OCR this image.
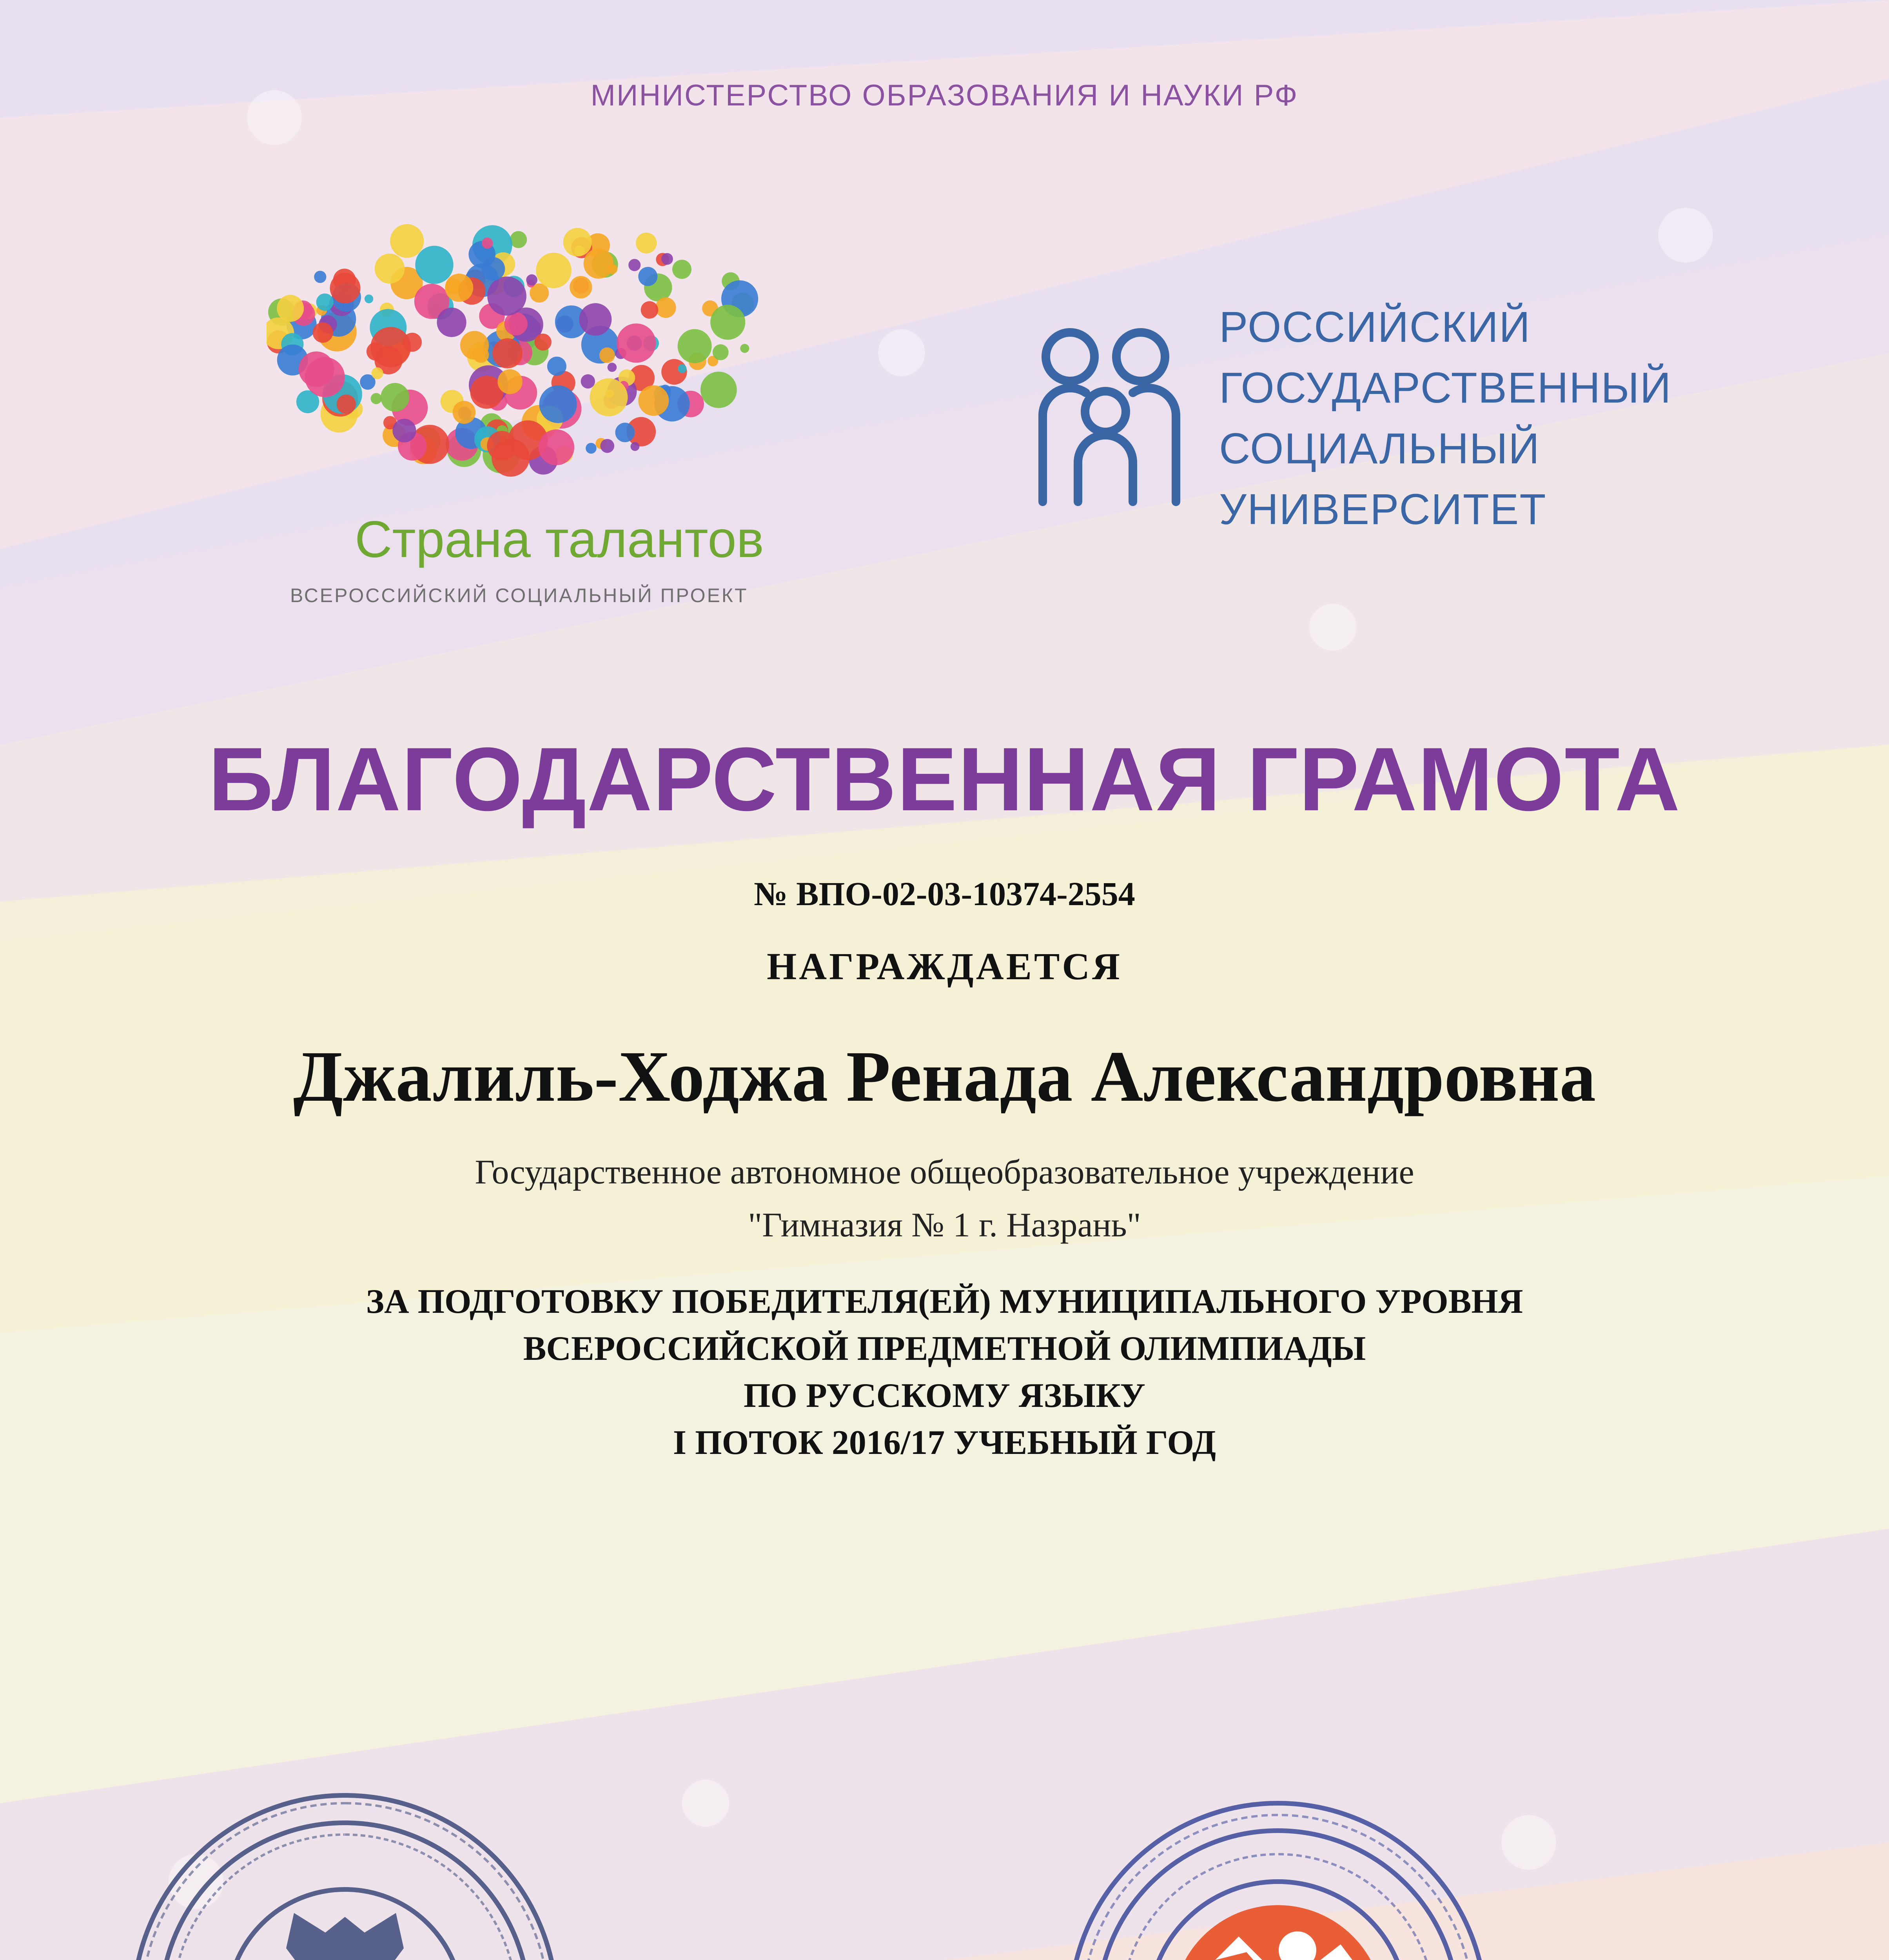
МИНИСТЕРСТВО ОБРАЗОВАНИЯ И НАУКИ РФ
Страна талантов
ВСЕРОССИЙСКИЙ СОЦИАЛЬНЫЙ ПРОЕКТ
РОССИЙСКИЙ
ГОСУДАРСТВЕННЫЙ
СОЦИАЛЬНЫЙ
УНИВЕРСИТЕТ
БЛАГОДАРСТВЕННАЯ ГРАМОТА
№ ВПО-02-03-10374-2554
НАГРАЖДАЕТСЯ
Джалиль-Ходжа Ренада Александровна
Государственное автономное общеобразовательное учреждение
"Гимназия № 1 г. Назрань"
ЗА ПОДГОТОВКУ ПОБЕДИТЕЛЯ(ЕЙ) МУНИЦИПАЛЬНОГО УРОВНЯ
ВСЕРОССИЙСКОЙ ПРЕДМЕТНОЙ ОЛИМПИАДЫ
ПО РУССКОМУ ЯЗЫКУ
I ПОТОК 2016/17 УЧЕБНЫЙ ГОД
